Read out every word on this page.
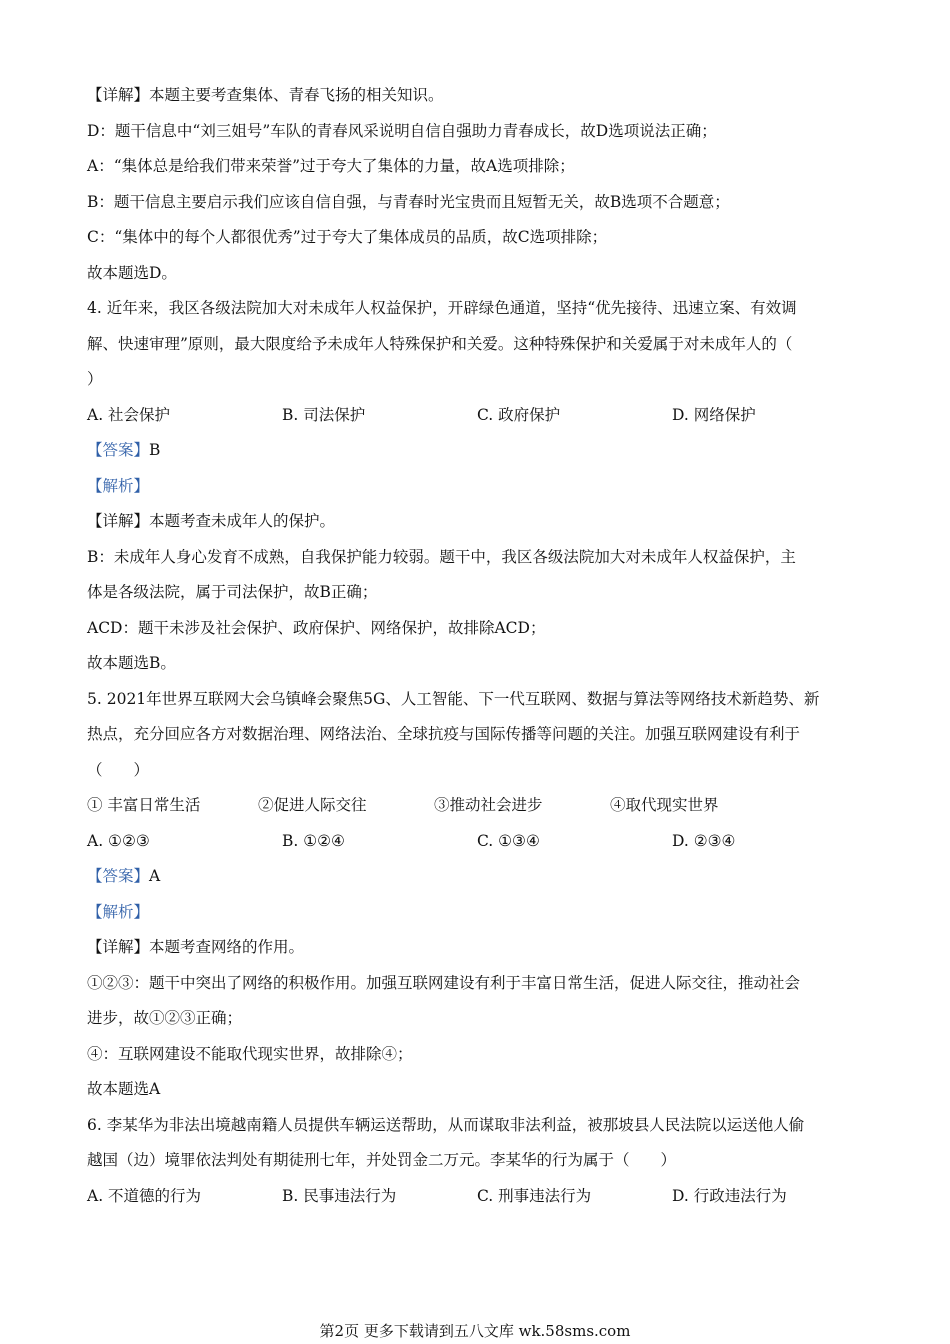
【详解】本题主要考查集体、青春飞扬的相关知识。
D：题干信息中“刘三姐号”车队的青春风采说明自信自强助力青春成长，故D选项说法正确；
A：“集体总是给我们带来荣誉”过于夸大了集体的力量，故A选项排除；
B：题干信息主要启示我们应该自信自强，与青春时光宝贵而且短暂无关，故B选项不合题意；
C：“集体中的每个人都很优秀”过于夸大了集体成员的品质，故C选项排除；
故本题选D。
4. 近年来，我区各级法院加大对未成年人权益保护，开辟绿色通道，坚持“优先接待、迅速立案、有效调
解、快速审理”原则，最大限度给予未成年人特殊保护和关爱。这种特殊保护和关爱属于对未成年人的（
）
A. 社会保护	B. 司法保护	C. 政府保护	D. 网络保护
【答案】B
【解析】
【详解】本题考查未成年人的保护。
B：未成年人身心发育不成熟，自我保护能力较弱。题干中，我区各级法院加大对未成年人权益保护，主
体是各级法院，属于司法保护，故B正确；
ACD：题干未涉及社会保护、政府保护、网络保护，故排除ACD；
故本题选B。
5. 2021年世界互联网大会乌镇峰会聚焦5G、人工智能、下一代互联网、数据与算法等网络技术新趋势、新
热点，充分回应各方对数据治理、网络法治、全球抗疫与国际传播等问题的关注。加强互联网建设有利于
（　　）
① 丰富日常生活	②促进人际交往	③推动社会进步	④取代现实世界
A. ①②③	B. ①②④	C. ①③④	D. ②③④
【答案】A
【解析】
【详解】本题考查网络的作用。
①②③：题干中突出了网络的积极作用。加强互联网建设有利于丰富日常生活，促进人际交往，推动社会
进步，故①②③正确；
④：互联网建设不能取代现实世界，故排除④；
故本题选A
6. 李某华为非法出境越南籍人员提供车辆运送帮助，从而谋取非法利益，被那坡县人民法院以运送他人偷
越国（边）境罪依法判处有期徒刑七年，并处罚金二万元。李某华的行为属于（　　）
A. 不道德的行为	B. 民事违法行为	C. 刑事违法行为	D. 行政违法行为
第2页 更多下载请到五八文库 wk.58sms.com
